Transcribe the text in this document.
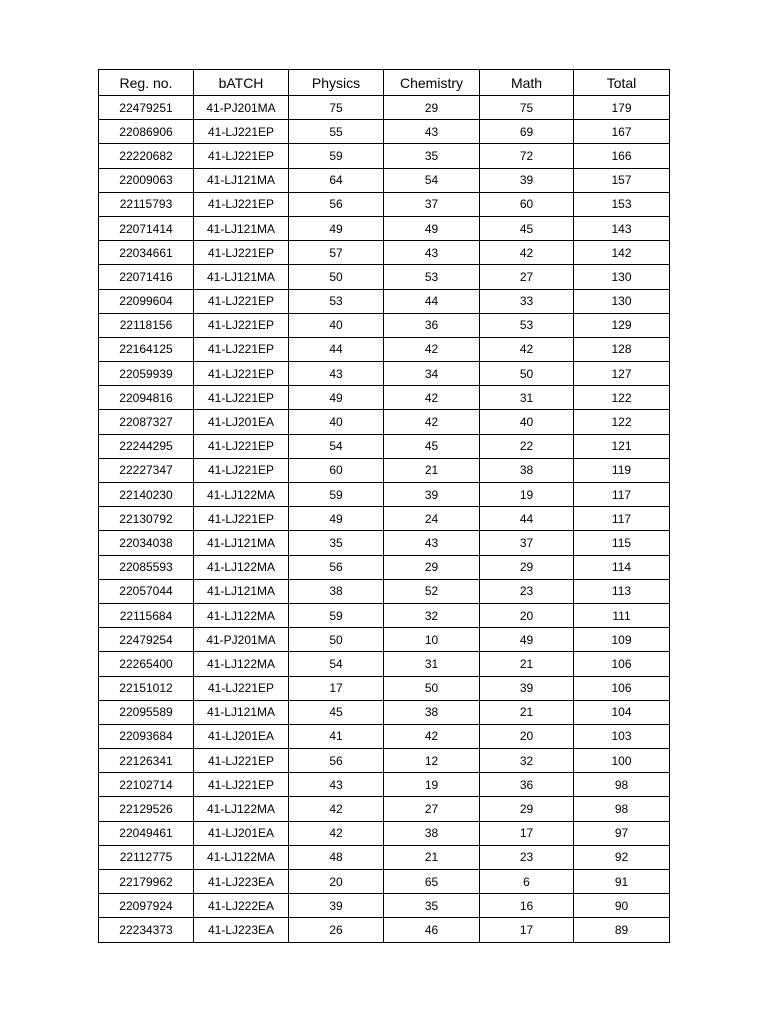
Reg. no.	bATCH	Physics	Chemistry	Math	Total
22479251	41-PJ201MA	75	29	75	179
22086906	41-LJ221EP	55	43	69	167
22220682	41-LJ221EP	59	35	72	166
22009063	41-LJ121MA	64	54	39	157
22115793	41-LJ221EP	56	37	60	153
22071414	41-LJ121MA	49	49	45	143
22034661	41-LJ221EP	57	43	42	142
22071416	41-LJ121MA	50	53	27	130
22099604	41-LJ221EP	53	44	33	130
22118156	41-LJ221EP	40	36	53	129
22164125	41-LJ221EP	44	42	42	128
22059939	41-LJ221EP	43	34	50	127
22094816	41-LJ221EP	49	42	31	122
22087327	41-LJ201EA	40	42	40	122
22244295	41-LJ221EP	54	45	22	121
22227347	41-LJ221EP	60	21	38	119
22140230	41-LJ122MA	59	39	19	117
22130792	41-LJ221EP	49	24	44	117
22034038	41-LJ121MA	35	43	37	115
22085593	41-LJ122MA	56	29	29	114
22057044	41-LJ121MA	38	52	23	113
22115684	41-LJ122MA	59	32	20	111
22479254	41-PJ201MA	50	10	49	109
22265400	41-LJ122MA	54	31	21	106
22151012	41-LJ221EP	17	50	39	106
22095589	41-LJ121MA	45	38	21	104
22093684	41-LJ201EA	41	42	20	103
22126341	41-LJ221EP	56	12	32	100
22102714	41-LJ221EP	43	19	36	98
22129526	41-LJ122MA	42	27	29	98
22049461	41-LJ201EA	42	38	17	97
22112775	41-LJ122MA	48	21	23	92
22179962	41-LJ223EA	20	65	6	91
22097924	41-LJ222EA	39	35	16	90
22234373	41-LJ223EA	26	46	17	89
